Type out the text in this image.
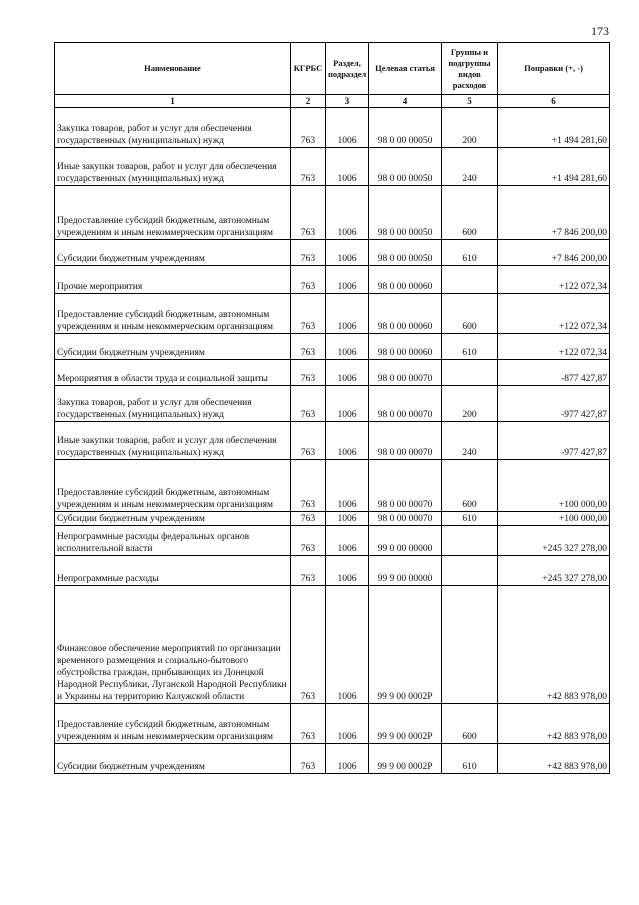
173
Наименование	КГРБС	Раздел, подраздел	Целевая статья	Группы и подгруппы видов расходов	Поправки (+, -)
1	2	3	4	5	6
Закупка товаров, работ и услуг для обеспечения государственных (муниципальных) нужд	763	1006	98 0 00 00050	200	+1 494 281,60
Иные закупки товаров, работ и услуг для обеспечения государственных (муниципальных) нужд	763	1006	98 0 00 00050	240	+1 494 281,60
Предоставление субсидий бюджетным, автономным учреждениям и иным некоммерческим организациям	763	1006	98 0 00 00050	600	+7 846 200,00
Субсидии бюджетным учреждениям	763	1006	98 0 00 00050	610	+7 846 200,00
Прочие мероприятия	763	1006	98 0 00 00060		+122 072,34
Предоставление субсидий бюджетным, автономным учреждениям и иным некоммерческим организациям	763	1006	98 0 00 00060	600	+122 072,34
Субсидии бюджетным учреждениям	763	1006	98 0 00 00060	610	+122 072,34
Мероприятия в области труда и социальной защиты	763	1006	98 0 00 00070		-877 427,87
Закупка товаров, работ и услуг для обеспечения государственных (муниципальных) нужд	763	1006	98 0 00 00070	200	-977 427,87
Иные закупки товаров, работ и услуг для обеспечения государственных (муниципальных) нужд	763	1006	98 0 00 00070	240	-977 427,87
Предоставление субсидий бюджетным, автономным учреждениям и иным некоммерческим организациям	763	1006	98 0 00 00070	600	+100 000,00
Субсидии бюджетным учреждениям	763	1006	98 0 00 00070	610	+100 000,00
Непрограммные расходы федеральных органов исполнительной власти	763	1006	99 0 00 00000		+245 327 278,00
Непрограммные расходы	763	1006	99 9 00 00000		+245 327 278,00
Финансовое обеспечение мероприятий по организации временного размещения и социально-бытового обустройства граждан, прибывающих из Донецкой Народной Республики, Луганской Народной Республики и Украины на территорию Калужской области	763	1006	99 9 00 0002Р		+42 883 978,00
Предоставление субсидий бюджетным, автономным учреждениям и иным некоммерческим организациям	763	1006	99 9 00 0002Р	600	+42 883 978,00
Субсидии бюджетным учреждениям	763	1006	99 9 00 0002Р	610	+42 883 978,00
